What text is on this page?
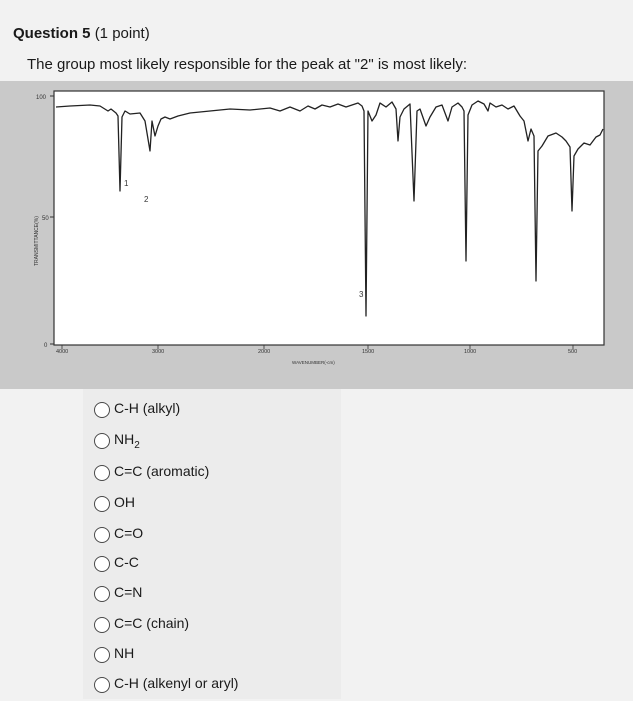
Question 5 (1 point)
The group most likely responsible for the peak at "2" is most likely:
100
50
0
TRANSMITTANCE(%)
4000	3000	2000	1500	1000	500
WAVENUMBER(-cm)
1
2
3
C-H (alkyl)
$NH_2$
C=C (aromatic)
OH
C=O
C-C
C=N
C=C (chain)
NH
C-H (alkenyl or aryl)
